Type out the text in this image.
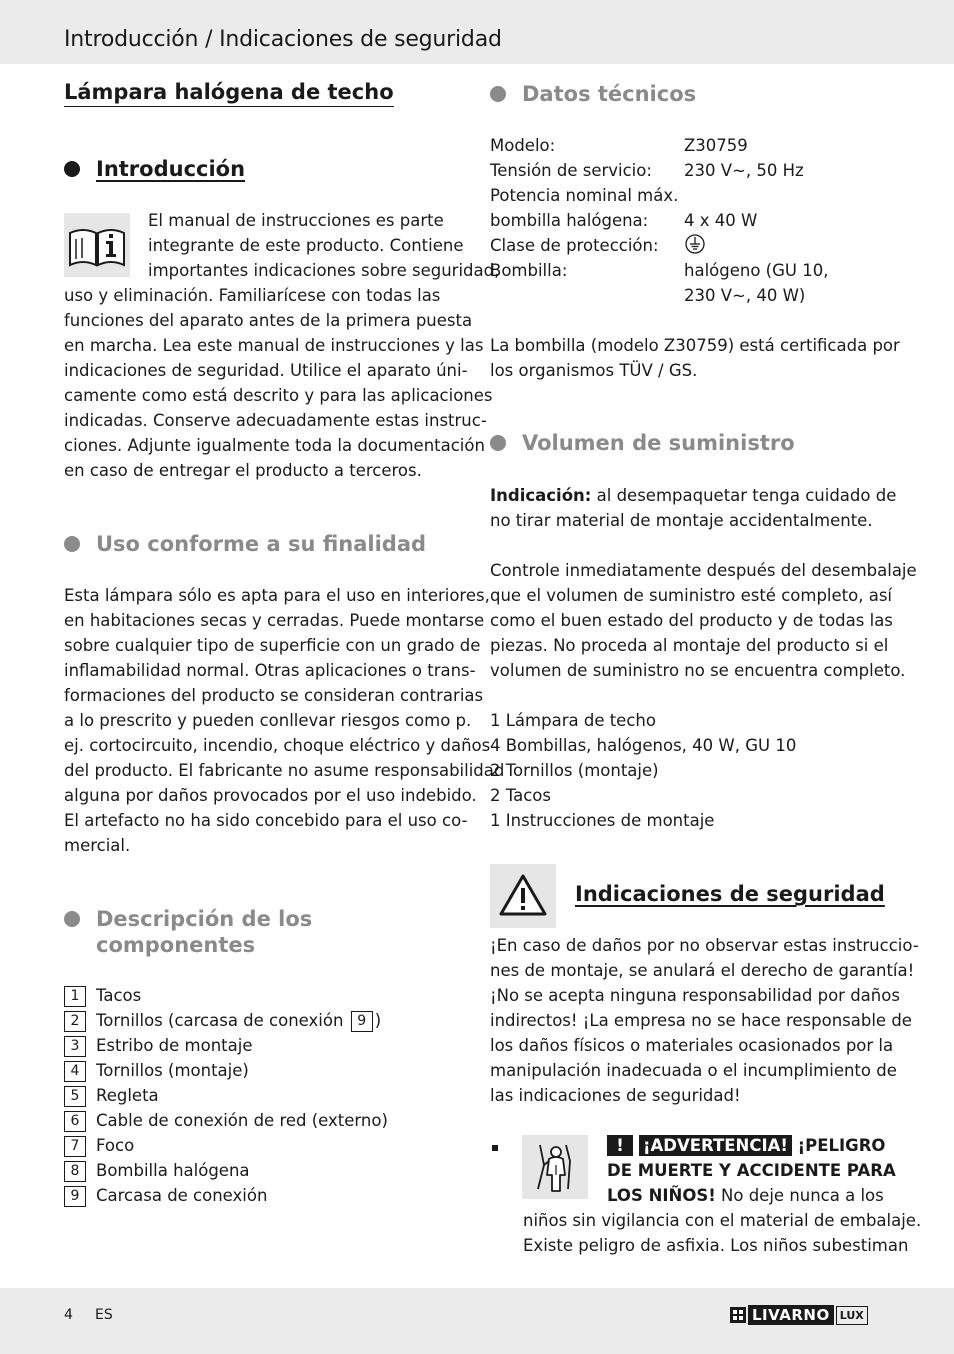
Introducción / Indicaciones de seguridad
Lámpara halógena de techo
Introducción
El manual de instrucciones es parte
integrante de este producto. Contiene
importantes indicaciones sobre seguridad,
uso y eliminación. Familiarícese con todas las
funciones del aparato antes de la primera puesta
en marcha. Lea este manual de instrucciones y las
indicaciones de seguridad. Utilice el aparato úni-
camente como está descrito y para las aplicaciones
indicadas. Conserve adecuadamente estas instruc-
ciones. Adjunte igualmente toda la documentación
en caso de entregar el producto a terceros.
Uso conforme a su finalidad
Esta lámpara sólo es apta para el uso en interiores,
en habitaciones secas y cerradas. Puede montarse
sobre cualquier tipo de superficie con un grado de
inflamabilidad normal. Otras aplicaciones o trans-
formaciones del producto se consideran contrarias
a lo prescrito y pueden conllevar riesgos como p.
ej. cortocircuito, incendio, choque eléctrico y daños
del producto. El fabricante no asume responsabilidad
alguna por daños provocados por el uso indebido.
El artefacto no ha sido concebido para el uso co-
mercial.
Descripción de los
componentes
1	Tacos
2	Tornillos (carcasa de conexión 9 )
3	Estribo de montaje
4	Tornillos (montaje)
5	Regleta
6	Cable de conexión de red (externo)
7	Foco
8	Bombilla halógena
9	Carcasa de conexión
Datos técnicos
Modelo:	Z30759
Tensión de servicio: 230 V∼, 50 Hz
Potencia nominal máx.
bombilla halógena: 4 x 40 W
Clase de protección:
Bombilla:	halógeno (GU 10,
230 V∼, 40 W)
La bombilla (modelo Z30759) está certificada por
los organismos TÜV / GS.
Volumen de suministro
Indicación: al desempaquetar tenga cuidado de
no tirar material de montaje accidentalmente.
Controle inmediatamente después del desembalaje
que el volumen de suministro esté completo, así
como el buen estado del producto y de todas las
piezas. No proceda al montaje del producto si el
volumen de suministro no se encuentra completo.
1 Lámpara de techo
4 Bombillas, halógenos, 40 W, GU 10
2 Tornillos (montaje)
2 Tacos
1 Instrucciones de montaje
Indicaciones de seguridad
¡En caso de daños por no observar estas instruccio-
nes de montaje, se anulará el derecho de garantía!
¡No se acepta ninguna responsabilidad por daños
indirectos! ¡La empresa no se hace responsable de
los daños físicos o materiales ocasionados por la
manipulación inadecuada o el incumplimiento de
las indicaciones de seguridad!
! ¡ADVERTENCIA! ¡PELIGRO
DE MUERTE Y ACCIDENTE PARA
LOS NIÑOS! No deje nunca a los
niños sin vigilancia con el material de embalaje.
Existe peligro de asfixia. Los niños subestiman
4 ES	LIVARNO LUX
